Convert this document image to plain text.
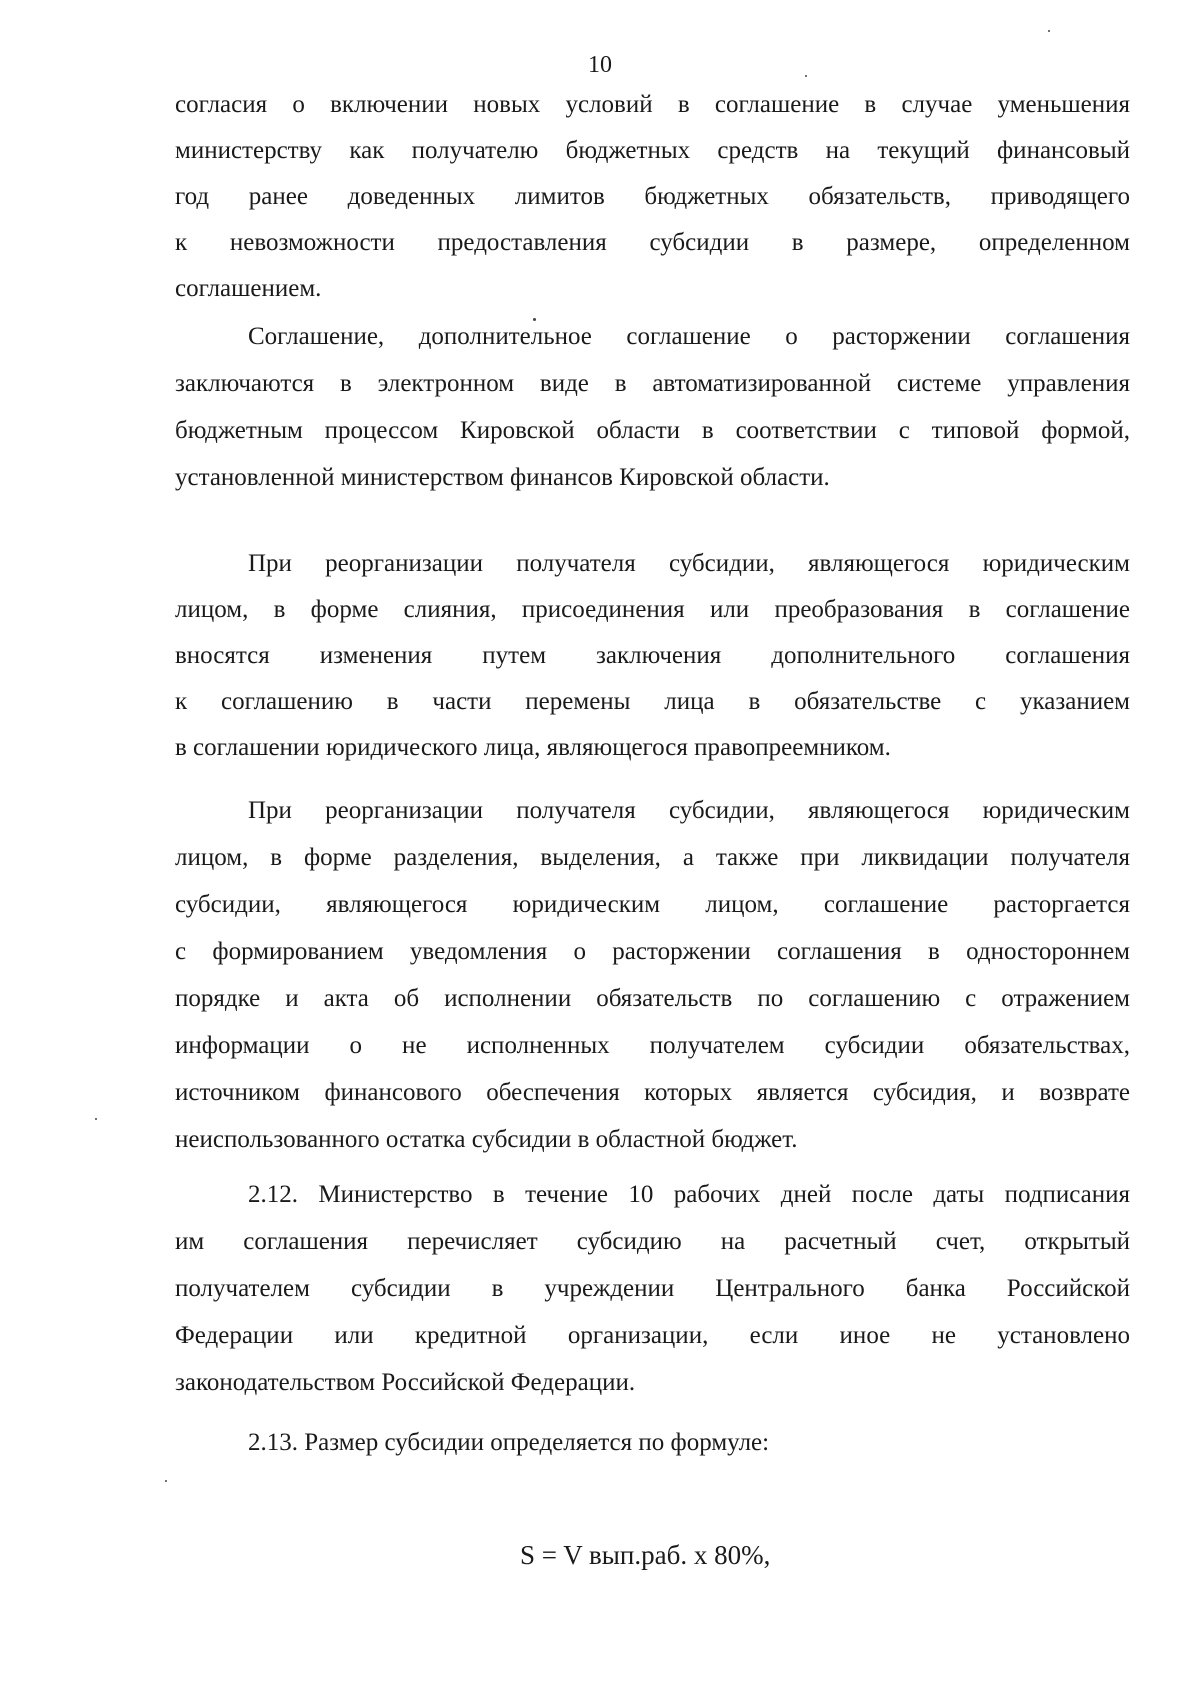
10
согласия о включении новых условий в соглашение в случае уменьшения
министерству как получателю бюджетных средств на текущий финансовый
год ранее доведенных лимитов бюджетных обязательств, приводящего
к невозможности предоставления субсидии в размере, определенном
соглашением.
Соглашение, дополнительное соглашение о расторжении соглашения
заключаются в электронном виде в автоматизированной системе управления
бюджетным процессом Кировской области в соответствии с типовой формой,
установленной министерством финансов Кировской области.
При реорганизации получателя субсидии, являющегося юридическим
лицом, в форме слияния, присоединения или преобразования в соглашение
вносятся изменения путем заключения дополнительного соглашения
к соглашению в части перемены лица в обязательстве с указанием
в соглашении юридического лица, являющегося правопреемником.
При реорганизации получателя субсидии, являющегося юридическим
лицом, в форме разделения, выделения, а также при ликвидации получателя
субсидии, являющегося юридическим лицом, соглашение расторгается
с формированием уведомления о расторжении соглашения в одностороннем
порядке и акта об исполнении обязательств по соглашению с отражением
информации о не исполненных получателем субсидии обязательствах,
источником финансового обеспечения которых является субсидия, и возврате
неиспользованного остатка субсидии в областной бюджет.
2.12. Министерство в течение 10 рабочих дней после даты подписания
им соглашения перечисляет субсидию на расчетный счет, открытый
получателем субсидии в учреждении Центрального банка Российской
Федерации или кредитной организации, если иное не установлено
законодательством Российской Федерации.
2.13. Размер субсидии определяется по формуле:
S = V вып.раб. x 80%,
